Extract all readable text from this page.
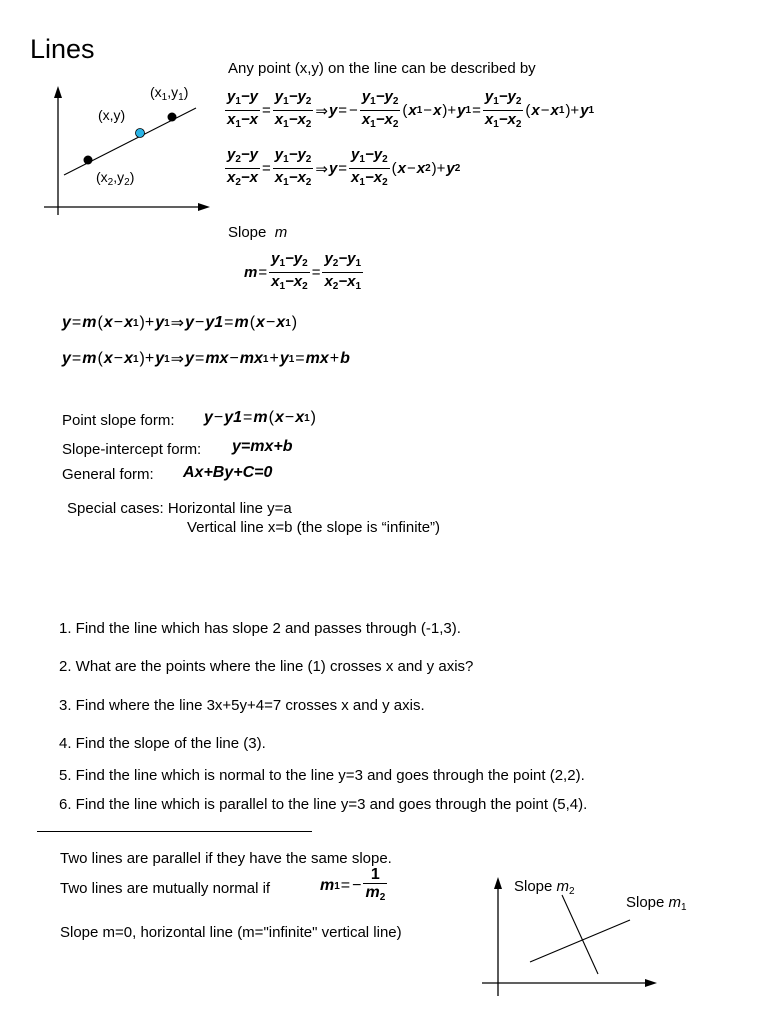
Lines
Any point (x,y) on the line can be described by
(x,y)
$(x_1,y_1)$
$(x_2,y_2)$
$\frac{y_1-y}{x_1-x} = \frac{y_1-y_2}{x_1-x_2}$ ⇒ y = − $\frac{y_1-y_2}{x_1-x_2}$ ( x 1 − x )+ y $1 = \frac{y_1-y_2}{x_1-x_2}$ ( x − x 1 )+ y 1
$\frac{y_2-y}{x_2-x} = \frac{y_1-y_2}{x_1-x_2}$ ⇒ $y = \frac{y_1-y_2}{x_1-x_2}$ ( x − x 2 )+ y 2
Slope m
$m = \frac{y_1-y_2}{x_1-x_2} = \frac{y_2-y_1}{x_2-x_1}$
y = m ( x − x 1 )+ y 1 ⇒ y − y1 = m ( x − x 1 )
y = m ( x − x 1 )+ y 1 ⇒ y = mx − mx 1 + y 1 = mx + b
Point slope form: y − y1 = m ( x − x 1 )
Slope-intercept form: y=mx+b
General form: Ax+By+C=0
Special cases: Horizontal line y=a
Vertical line x=b (the slope is “infinite”)
1. Find the line which has slope 2 and passes through (-1,3).
2. What are the points where the line (1) crosses x and y axis?
3. Find where the line 3x+5y+4=7 crosses x and y axis.
4. Find the slope of the line (3).
5. Find the line which is normal to the line y=3 and goes through the point (2,2).
6. Find the line which is parallel to the line y=3 and goes through the point (5,4).
Two lines are parallel if they have the same slope.
Two lines are mutually normal if	m 1 = − $\frac{1}{m_2}$
Slope m=0, horizontal line (m="infinite" vertical line)
Slope $m_2$
Slope $m_1$
